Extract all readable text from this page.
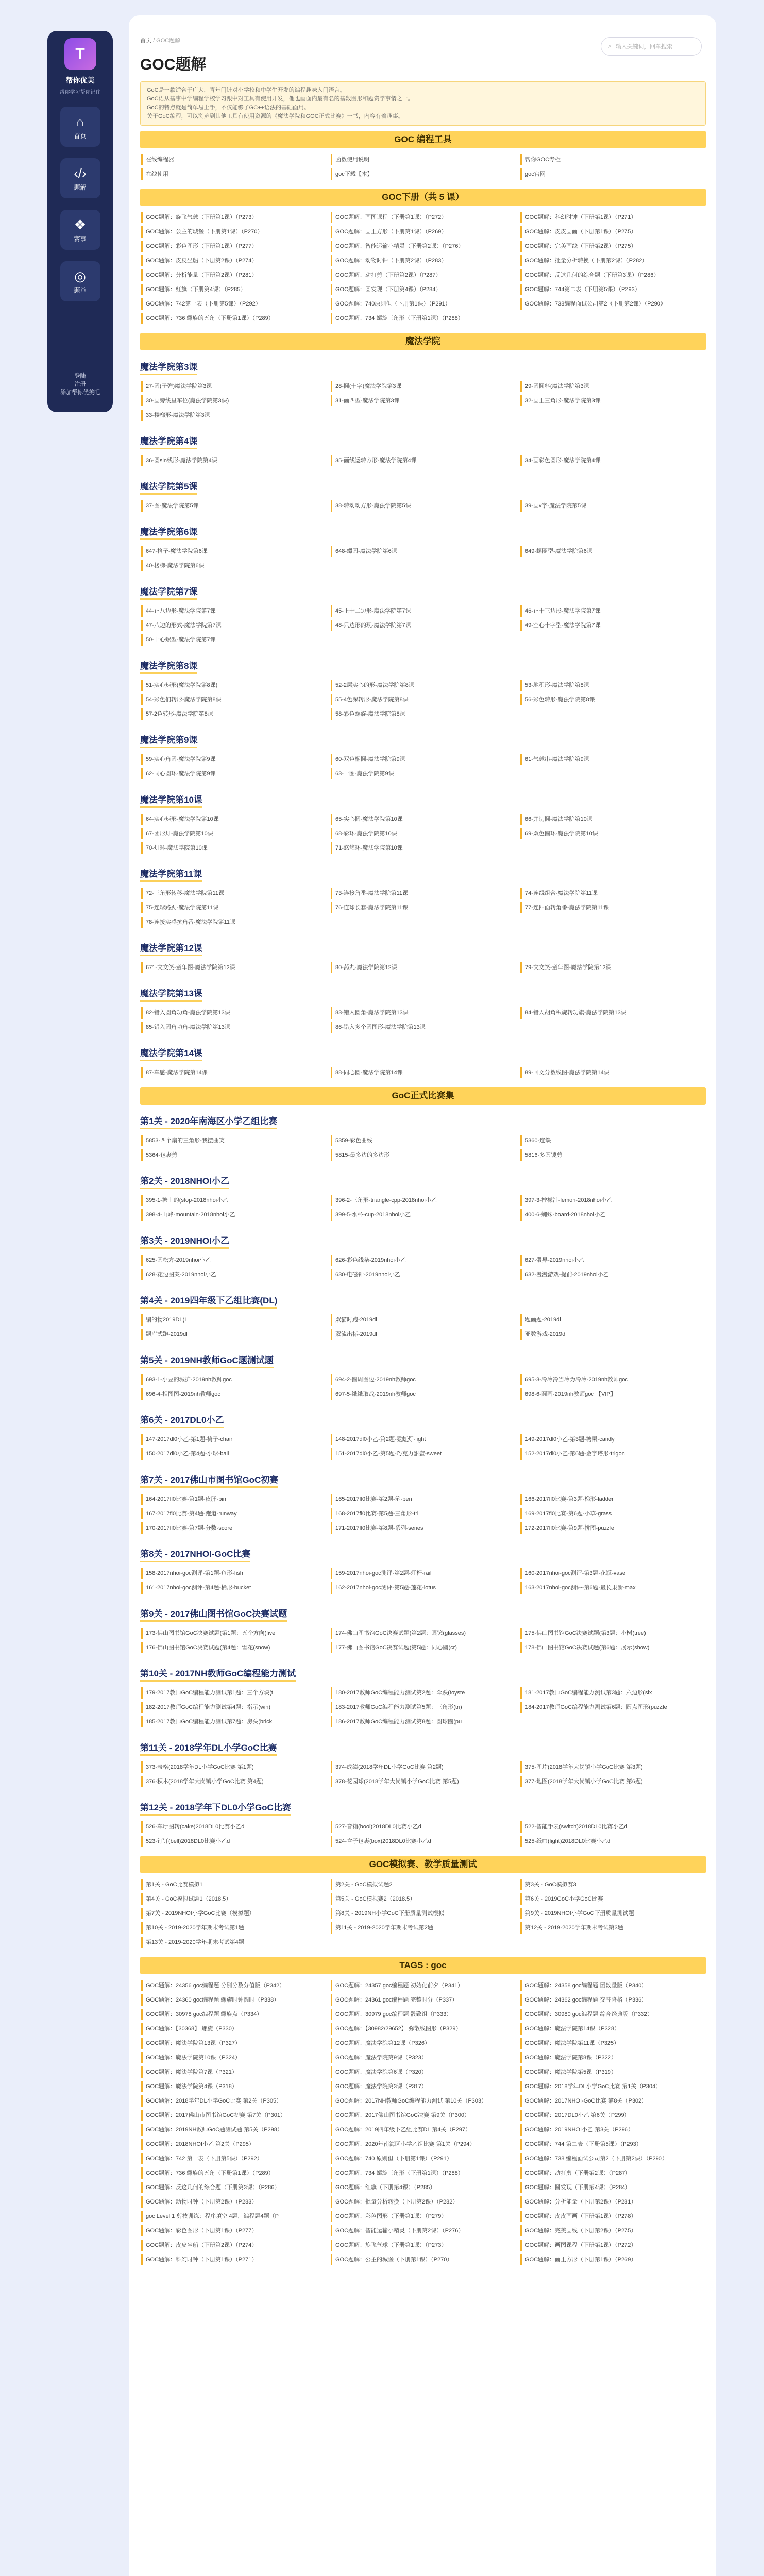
T
帮你优美
帮你学习帮你记住
⌂
首页
‹/›
题解
❖
赛事
◎
题单
登陆
注册
添加帮你优美吧
首页 / GOC题解
⌕ 输入关键词，回车搜索
GOC题解
GoC是一款适合于广大，青年门针对小学校和中学生开发的编程趣味入门语言。
GoC语从基事中学编程学校学习跟中对工具有使用开发，他也画面内最有名的基数图形和题资学事情之一。
GoC的特点就是简单易上手，不仅能够了GC++语法的基础面用。
关于GoC编程，可以浏览到其他工具有使用资源的《魔法学院和GOC正式比赛》一书，内容有着趣事。
GOC 编程工具
在线编程器	函数使用说明	帮你GOC专栏
在线使用	goc下载【本】	goc官网
GOC下册（共 5 课）
GOC题解：旋飞气球（下册第1课）（P273）	GOC题解：画图课程（下册第1课）（P272）	GOC题解：科幻时钟（下册第1课）（P271）
GOC题解：公主的城堡（下册第1课）（P270）	GOC题解：画正方形（下册第1课）（P269）	GOC题解：皮皮画画（下册第1课）（P275）
GOC题解：彩色图形（下册第1课）（P277）	GOC题解：智能运输小精灵（下册第2课）（P276）	GOC题解：完美画线（下册第2课）（P275）
GOC题解：皮皮坐船（下册第2课）（P274）	GOC题解：动物时钟（下册第2课）（P283）	GOC题解：批量分析转换（下册第2课）（P282）
GOC题解：分析能量（下册第2课）（P281）	GOC题解：动打剪（下册第2课）（P287）	GOC题解：反这几何的综合题（下册第3课）（P286）
GOC题解：红旗（下册第4课）（P285）	GOC题解：圆发现（下册第4课）（P284）	GOC题解：744第二表（下册第5课）（P293）
GOC题解：742第一表（下册第5课）（P292）	GOC题解：740原则但（下册第1课）（P291）	GOC题解：738编程面试公司第2（下册第2课）（P290）
GOC题解：736 螺旋的五角（下册第1课）（P289）	GOC题解：734 螺旋三角形（下册第1课）（P288）
魔法学院
魔法学院第3课
27-圆(子弹)魔法学院第3课	28-圆(十字)魔法学院第3课	29-圆圆料(魔法学院第3课
30-画旁线里车位(魔法学院第3课)	31-画四型-魔法学院第3课	32-画正三角形-魔法学院第3课
33-楼梯形-魔法学院第3课
魔法学院第4课
36-圆sin线形-魔法学院第4课	35-画线运转方形-魔法学院第4课	34-画彩色圆形-魔法学院第4课
魔法学院第5课
37-图-魔法学院第5课	38-转动动方形-魔法学院第5课	39-画v字-魔法学院第5课
魔法学院第6课
647-格子-魔法学院第6课	648-螺圆-魔法学院第6课	649-螺圈型-魔法学院第6课
40-楼梯-魔法学院第6课
魔法学院第7课
44-正八边形-魔法学院第7课	45-正十二边形-魔法学院第7课	46-正十三边形-魔法学院第7课
47-八边的形式-魔法学院第7课	48-只边形的现-魔法学院第7课	49-空心十字型-魔法学院第7课
50-十心螺型-魔法学院第7课
魔法学院第8课
51-实心矩形(魔法学院第8课)	52-2层实心的形-魔法学院第8课	53-地积形-魔法学院第8课
54-彩色们转形-魔法学院第8课	55-4色深转形-魔法学院第8课	56-彩色转形-魔法学院第8课
57-2色转形-魔法学院第8课	58-彩色螺旋-魔法学院第8课
魔法学院第9课
59-实心角圆-魔法学院第9课	60-双色椭圆-魔法学院第9课	61-气球串-魔法学院第9课
62-同心圆环-魔法学院第9课	63-一圈-魔法学院第9课
魔法学院第10课
64-实心矩形-魔法学院第10课	65-实心圆-魔法学院第10课	66-并切圆-魔法学院第10课
67-团形灯-魔法学院第10课	68-彩环-魔法学院第10课	69-双色圆环-魔法学院第10课
70-灯环-魔法学院第10课	71-悠悠环-魔法学院第10课
魔法学院第11课
72-三角形转移-魔法学院第11课	73-连接角番-魔法学院第11课	74-连线组合-魔法学院第11课
75-连球路劲-魔法学院第11课	76-连球长套-魔法学院第11课	77-连四面转角番-魔法学院第11课
78-连接实感抗角番-魔法学院第11课
魔法学院第12课
671-文文笑-童年图-魔法学院第12课	80-药丸-魔法学院第12课	79-文文笑-童年图-魔法学院第12课
魔法学院第13课
82-错入圆角功角-魔法学院第13课	83-错入圆角-魔法学院第13课	84-错人胡角积旋转功旗-魔法学院第13课
85-错入圆角功角-魔法学院第13课	86-错入多个圆图形-魔法学院第13课
魔法学院第14课
87-车感-魔法学院第14课	88-同心圆-魔法学院第14课	89-回文分数线图-魔法学院第14课
GoC正式比赛集
第1关 - 2020年南海区小学乙组比赛
5853-四个扇的三角形-我摆曲笑	5359-彩色曲线	5360-连缺
5364-包裹剪	5815-最多边的多边形	5816-多圆镂剪
第2关 - 2018NHOI小乙
395-1-糖土的(stop-2018nhoi小乙	396-2-三角形-triangle-cpp-2018nhoi小乙	397-3-柠檬汁-lemon-2018nhoi小乙
398-4-山峰-mountain-2018nhoi小乙	399-5-水杯-cup-2018nhoi小乙	400-6-蜘蛛-board-2018nhoi小乙
第3关 - 2019NHOI小乙
625-圆松方-2019nhoi小乙	626-彩色线条-2019nhoi小乙	627-骰界-2019nhoi小乙
628-花边图案-2019nhoi小乙	630-电磁针-2019nhoi小乙	632-漫漫游戏-提前-2019nhoi小乙
第4关 - 2019四年级下乙组比赛(DL)
编的物2019DL(I	双猫时跑-2019dl	题画题-2019dl
题库式跑-2019dl	双流出标-2019dl	亚数游戏-2019dl
第5关 - 2019NH教师GoC题测试题
693-1-小豆的城护-2019nh教师goc	694-2-圆周图边-2019nh教师goc	695-3-冷冷冷当冷为冷冷-2019nh教师goc
696-4-相图图-2019nh教师goc	697-5-饿饿取战-2019nh教师goc	698-6-圆画-2019nh教师goc 【VIP】
第6关 - 2017DL0小乙
147-2017dl0小乙-第1题-椅子-chair	148-2017dl0小乙-第2题-霓虹灯-light	149-2017dl0小乙-第3题-糖果-candy
150-2017dl0小乙-第4题-小球-ball	151-2017dl0小乙-第5题-巧克力甜蜜-sweet	152-2017dl0小乙-第6题-金字塔形-trigon
第7关 - 2017佛山市图书馆GoC初赛
164-2017fl0比赛-第1题-皮肝-pin	165-2017fl0比赛-第2题-笔-pen	166-2017fl0比赛-第3题-梯形-ladder
167-2017fl0比赛-第4题-跑道-runway	168-2017fl0比赛-第5题-三角形-tri	169-2017fl0比赛-第6题-小草-grass
170-2017fl0比赛-第7题-分数-score	171-2017fl0比赛-第8题-系列-series	172-2017fl0比赛-第9题-拼图-puzzle
第8关 - 2017NHOI-GoC比赛
158-2017nhoi-goc测评-第1题-鱼形-fish	159-2017nhoi-goc测评-第2题-灯杆-rail	160-2017nhoi-goc测评-第3题-花瓶-vase
161-2017nhoi-goc测评-第4题-桶形-bucket	162-2017nhoi-goc测评-第5题-莲花-lotus	163-2017nhoi-goc测评-第6题-最长果断-max
第9关 - 2017佛山图书馆GoC决赛试题
173-佛山图书馆GoC决赛试题(第1题：五个方向(five	174-佛山图书馆GoC决赛试题(第2题：眼镜(glasses)	175-佛山图书馆GoC决赛试题(第3题：小树(tree)
176-佛山图书馆GoC决赛试题(第4题：雪花(snow)	177-佛山图书馆GoC决赛试题(第5题：同心圆(cr)	178-佛山图书馆GoC决赛试题(第6题：展示(show)
第10关 - 2017NH教师GoC编程能力测试
179-2017教师GoC编程能力测试第1题：三个方块(t	180-2017教师GoC编程能力测试第2题：伞跌(toyste	181-2017教师GoC编程能力测试第3题：六边形(six
182-2017教师GoC编程能力测试第4题：指示(win)	183-2017教师GoC编程能力测试第5题：三角形(tri)	184-2017教师GoC编程能力测试第6题：圆点图形(puzzle
185-2017教师GoC编程能力测试第7题：房头(brick	186-2017教师GoC编程能力测试第8题：圆球圈(pu
第11关 - 2018学年DL小学GoC比赛
373-表格(2018学年DL小学GoC比赛 第1题)	374-成绩(2018学年DL小学GoC比赛 第2题)	375-图片(2018学年大岗镇小学GoC比赛 第3题)
376-积木(2018学年大岗镇小学GoC比赛 第4题)	378-花园球(2018学年大岗镇小学GoC比赛 第5题)	377-地图(2018学年大岗镇小学GoC比赛 第6题)
第12关 - 2018学年下DL0小学GoC比赛
526-车厅图转(cake)2018DL0比赛小乙d	527-音箱(bool)2018DL0比赛小乙d	522-智能手表(switch)2018DL0比赛小乙d
523-钉钉(bell)2018DL0比赛小乙d	524-盒子包裹(box)2018DL0比赛小乙d	525-纸巾(light)2018DL0比赛小乙d
GOC模拟赛、教学质量测试
第1关 - GoC比赛模拟1	第2关 - GoC模拟试题2	第3关 - GoC模拟赛3
第4关 - GoC模拟试题1（2018.5）	第5关 - GoC模拟赛2（2018.5）	第6关 - 2019GoC小学GoC比赛
第7关 - 2019NHOI小学GoC比赛（模拟题）	第8关 - 2019NH小学GoC下册质量测试模拟	第9关 - 2019NHOI小学GoC下册质量测试题
第10关 - 2019-2020学年期末考试第1题	第11关 - 2019-2020学年期末考试第2题	第12关 - 2019-2020学年期末考试第3题
第13关 - 2019-2020学年期末考试第4题
TAGS : goc
GOC题解：24356 goc编程题 分别分数分值版（P342）	GOC题解：24357 goc编程题 初始化前夕（P341）	GOC题解：24358 goc编程题 团数量版（P340）
GOC题解：24360 goc编程题 螺旋时钟圆时（P338）	GOC题解：24361 goc编程题 完整时分（P337）	GOC题解：24362 goc编程题 交替降格（P336）
GOC题解：30978 goc编程题 螺旋点（P334）	GOC题解：30979 goc编程题 骰致组（P333）	GOC题解：30980 goc编程题 综合经典版（P332）
GOC题解：【30368】 螺旋（P330）	GOC题解：【30982/29652】 弥散线图形（P329）	GOC题解：魔法学院第14课（P328）
GOC题解：魔法学院第13课（P327）	GOC题解：魔法学院第12课（P326）	GOC题解：魔法学院第11课（P325）
GOC题解：魔法学院第10课（P324）	GOC题解：魔法学院第9课（P323）	GOC题解：魔法学院第8课（P322）
GOC题解：魔法学院第7课（P321）	GOC题解：魔法学院第6课（P320）	GOC题解：魔法学院第5课（P319）
GOC题解：魔法学院第4课（P318）	GOC题解：魔法学院第3课（P317）	GOC题解：2018学年DL小学GoC比赛 第1关（P304）
GOC题解：2018学年DL小学GoC比赛 第2关（P305）	GOC题解：2017NH教师GoC编程能力测试 第10关（P303）	GOC题解：2017NHOI-GoC比赛 第8关（P302）
GOC题解：2017佛山市图书馆GoC初赛 第7关（P301）	GOC题解：2017佛山图书馆GoC决赛 第9关（P300）	GOC题解：2017DL0小乙 第6关（P299）
GOC题解：2019NH教师GoC题测试题 第5关（P298）	GOC题解：2019四年级下乙组比赛DL 第4关（P297）	GOC题解：2019NHOI小乙 第3关（P296）
GOC题解：2018NHOI小乙 第2关（P295）	GOC题解：2020年南海区小学乙组比赛 第1关（P294）	GOC题解：744 第二表（下册第5课）（P293）
GOC题解：742 第一表（下册第5课）（P292）	GOC题解：740 原则但（下册第1课）（P291）	GOC题解：738 编程面试公司第2（下册第2课）（P290）
GOC题解：736 螺旋的五角（下册第1课）（P289）	GOC题解：734 螺旋三角形（下册第1课）（P288）	GOC题解：动打剪（下册第2课）（P287）
GOC题解：反这几何的综合题（下册第3课）（P286）	GOC题解：红旗（下册第4课）（P285）	GOC题解：圆发现（下册第4课）（P284）
GOC题解：动物时钟（下册第2课）（P283）	GOC题解：批量分析转换（下册第2课）（P282）	GOC题解：分析能量（下册第2课）（P281）
goc Level 1 剪枝训练：程序填空 4题，编程题4题（P	GOC题解：彩色图形（下册第1课）（P279）	GOC题解：皮皮画画（下册第1课）（P278）
GOC题解：彩色图形（下册第1课）（P277）	GOC题解：智能运输小精灵（下册第2课）（P276）	GOC题解：完美画线（下册第2课）（P275）
GOC题解：皮皮坐船（下册第2课）（P274）	GOC题解：旋飞气球（下册第1课）（P273）	GOC题解：画图课程（下册第1课）（P272）
GOC题解：科幻时钟（下册第1课）（P271）	GOC题解：公主的城堡（下册第1课）（P270）	GOC题解：画正方形（下册第1课）（P269）
